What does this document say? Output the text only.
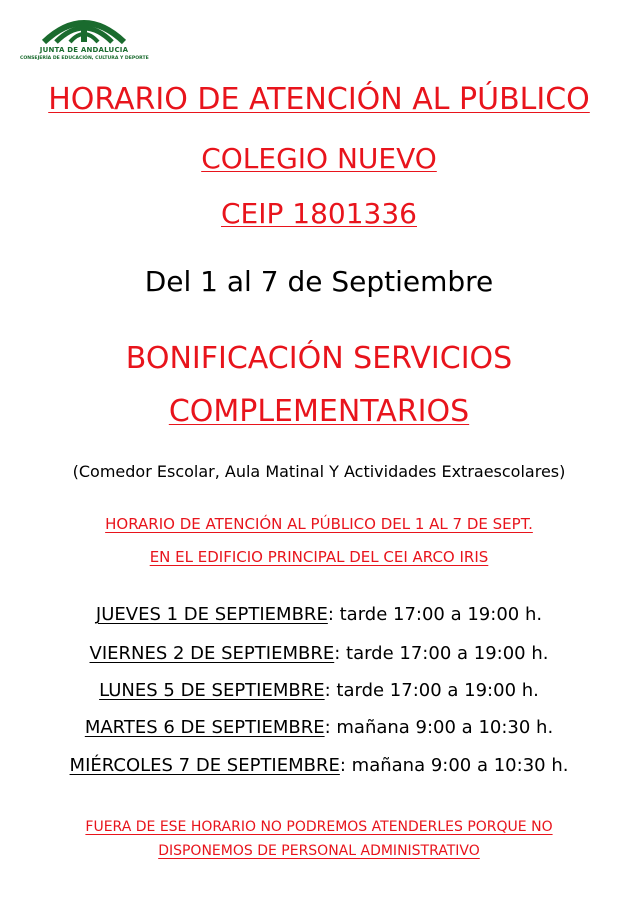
JUNTA DE ANDALUCIA
CONSEJERÍA DE EDUCACIÓN, CULTURA Y DEPORTE
HORARIO DE ATENCIÓN AL PÚBLICO
COLEGIO NUEVO
CEIP 1801336
Del 1 al 7 de Septiembre
BONIFICACIÓN SERVICIOS
COMPLEMENTARIOS
(Comedor Escolar, Aula Matinal Y Actividades Extraescolares)
HORARIO DE ATENCIÓN AL PÚBLICO DEL 1 AL 7 DE SEPT.
EN EL EDIFICIO PRINCIPAL DEL CEI ARCO IRIS
JUEVES 1 DE SEPTIEMBRE: tarde 17:00 a 19:00 h.
VIERNES 2 DE SEPTIEMBRE: tarde 17:00 a 19:00 h.
LUNES 5 DE SEPTIEMBRE: tarde 17:00 a 19:00 h.
MARTES 6 DE SEPTIEMBRE: mañana 9:00 a 10:30 h.
MIÉRCOLES 7 DE SEPTIEMBRE: mañana 9:00 a 10:30 h.
FUERA DE ESE HORARIO NO PODREMOS ATENDERLES PORQUE NO
DISPONEMOS DE PERSONAL ADMINISTRATIVO
